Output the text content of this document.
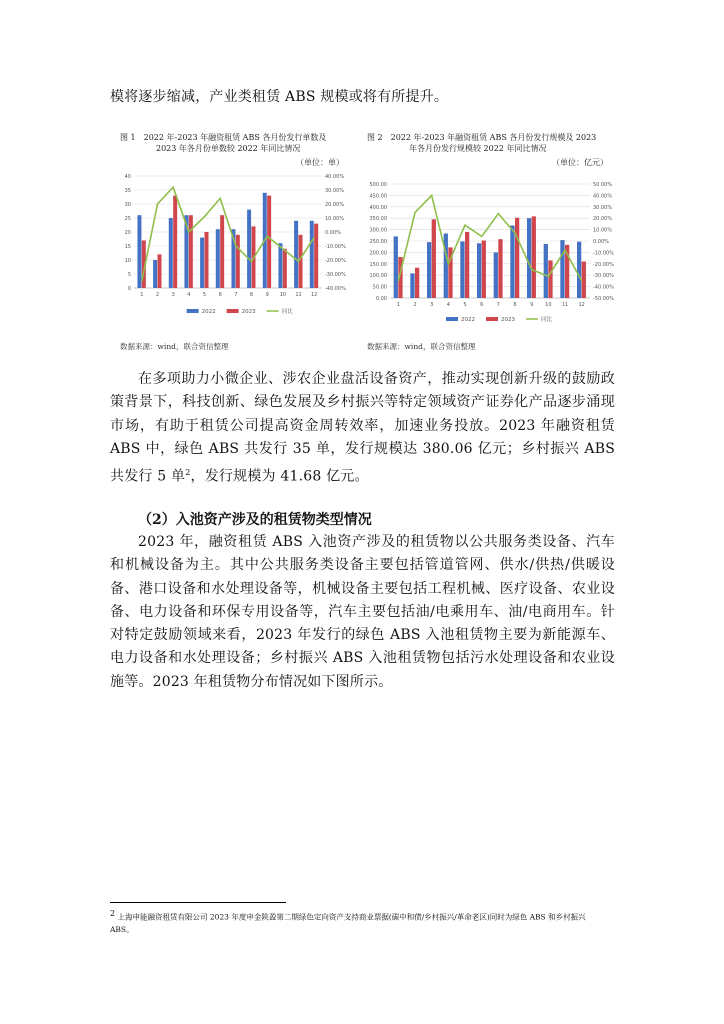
模将逐步缩减，产业类租赁 ABS 规模或将有所提升。

图 1　2022 年-2023 年融资租赁 ABS 各月份发行单数及
2023 年各月份单数较 2022 年同比情况
（单位：单）
0
5
10
15
20
25
30
35
40
-40.00%
-30.00%
-20.00%
-10.00%
0.00%
10.00%
20.00%
30.00%
40.00%
1 2 3 4 5 6 7 8 9 10 11 12
2022	2023	同比
数据来源：wind，联合资信整理
图 2　2022 年-2023 年融资租赁 ABS 各月份发行规模及 2023
年各月份发行规模较 2022 年同比情况
（单位：亿元）
0.00
50.00
100.00
150.00
200.00
250.00
300.00
350.00
400.00
450.00
500.00
-50.00%
-40.00%
-30.00%
-20.00%
-10.00%
0.00%
10.00%
20.00%
30.00%
40.00%
50.00%
1	2	3	4	5	6	7	8	9 10 11 12
2022	2023	同比
数据来源：wind，联合资信整理

在多项助力小微企业、涉农企业盘活设备资产，推动实现创新升级的鼓励政策背景下，科技创新、绿色发展及乡村振兴等特定领域资产证券化产品逐步涌现市场，有助于租赁公司提高资金周转效率，加速业务投放。2023 年融资租赁 ABS 中，绿色 ABS 共发行 35 单，发行规模达 380.06 亿元；乡村振兴 ABS 共发行 5 单$^2$，发行规模为 41.68 亿元。

（2）入池资产涉及的租赁物类型情况

2023 年，融资租赁 ABS 入池资产涉及的租赁物以公共服务类设备、汽车和机械设备为主。其中公共服务类设备主要包括管道管网、供水/供热/供暖设备、港口设备和水处理设备等，机械设备主要包括工程机械、医疗设备、农业设备、电力设备和环保专用设备等，汽车主要包括油/电乘用车、油/电商用车。针对特定鼓励领域来看，2023 年发行的绿色 ABS 入池租赁物主要为新能源车、电力设备和水处理设备；乡村振兴 ABS 入池租赁物包括污水处理设备和农业设施等。2023 年租赁物分布情况如下图所示。

$^2$ 上海申能融资租赁有限公司 2023 年度申金陕盈第二期绿色定向资产支持商业票据(碳中和债/乡村振兴/革命老区)同时为绿色 ABS 和乡村振兴 ABS。
